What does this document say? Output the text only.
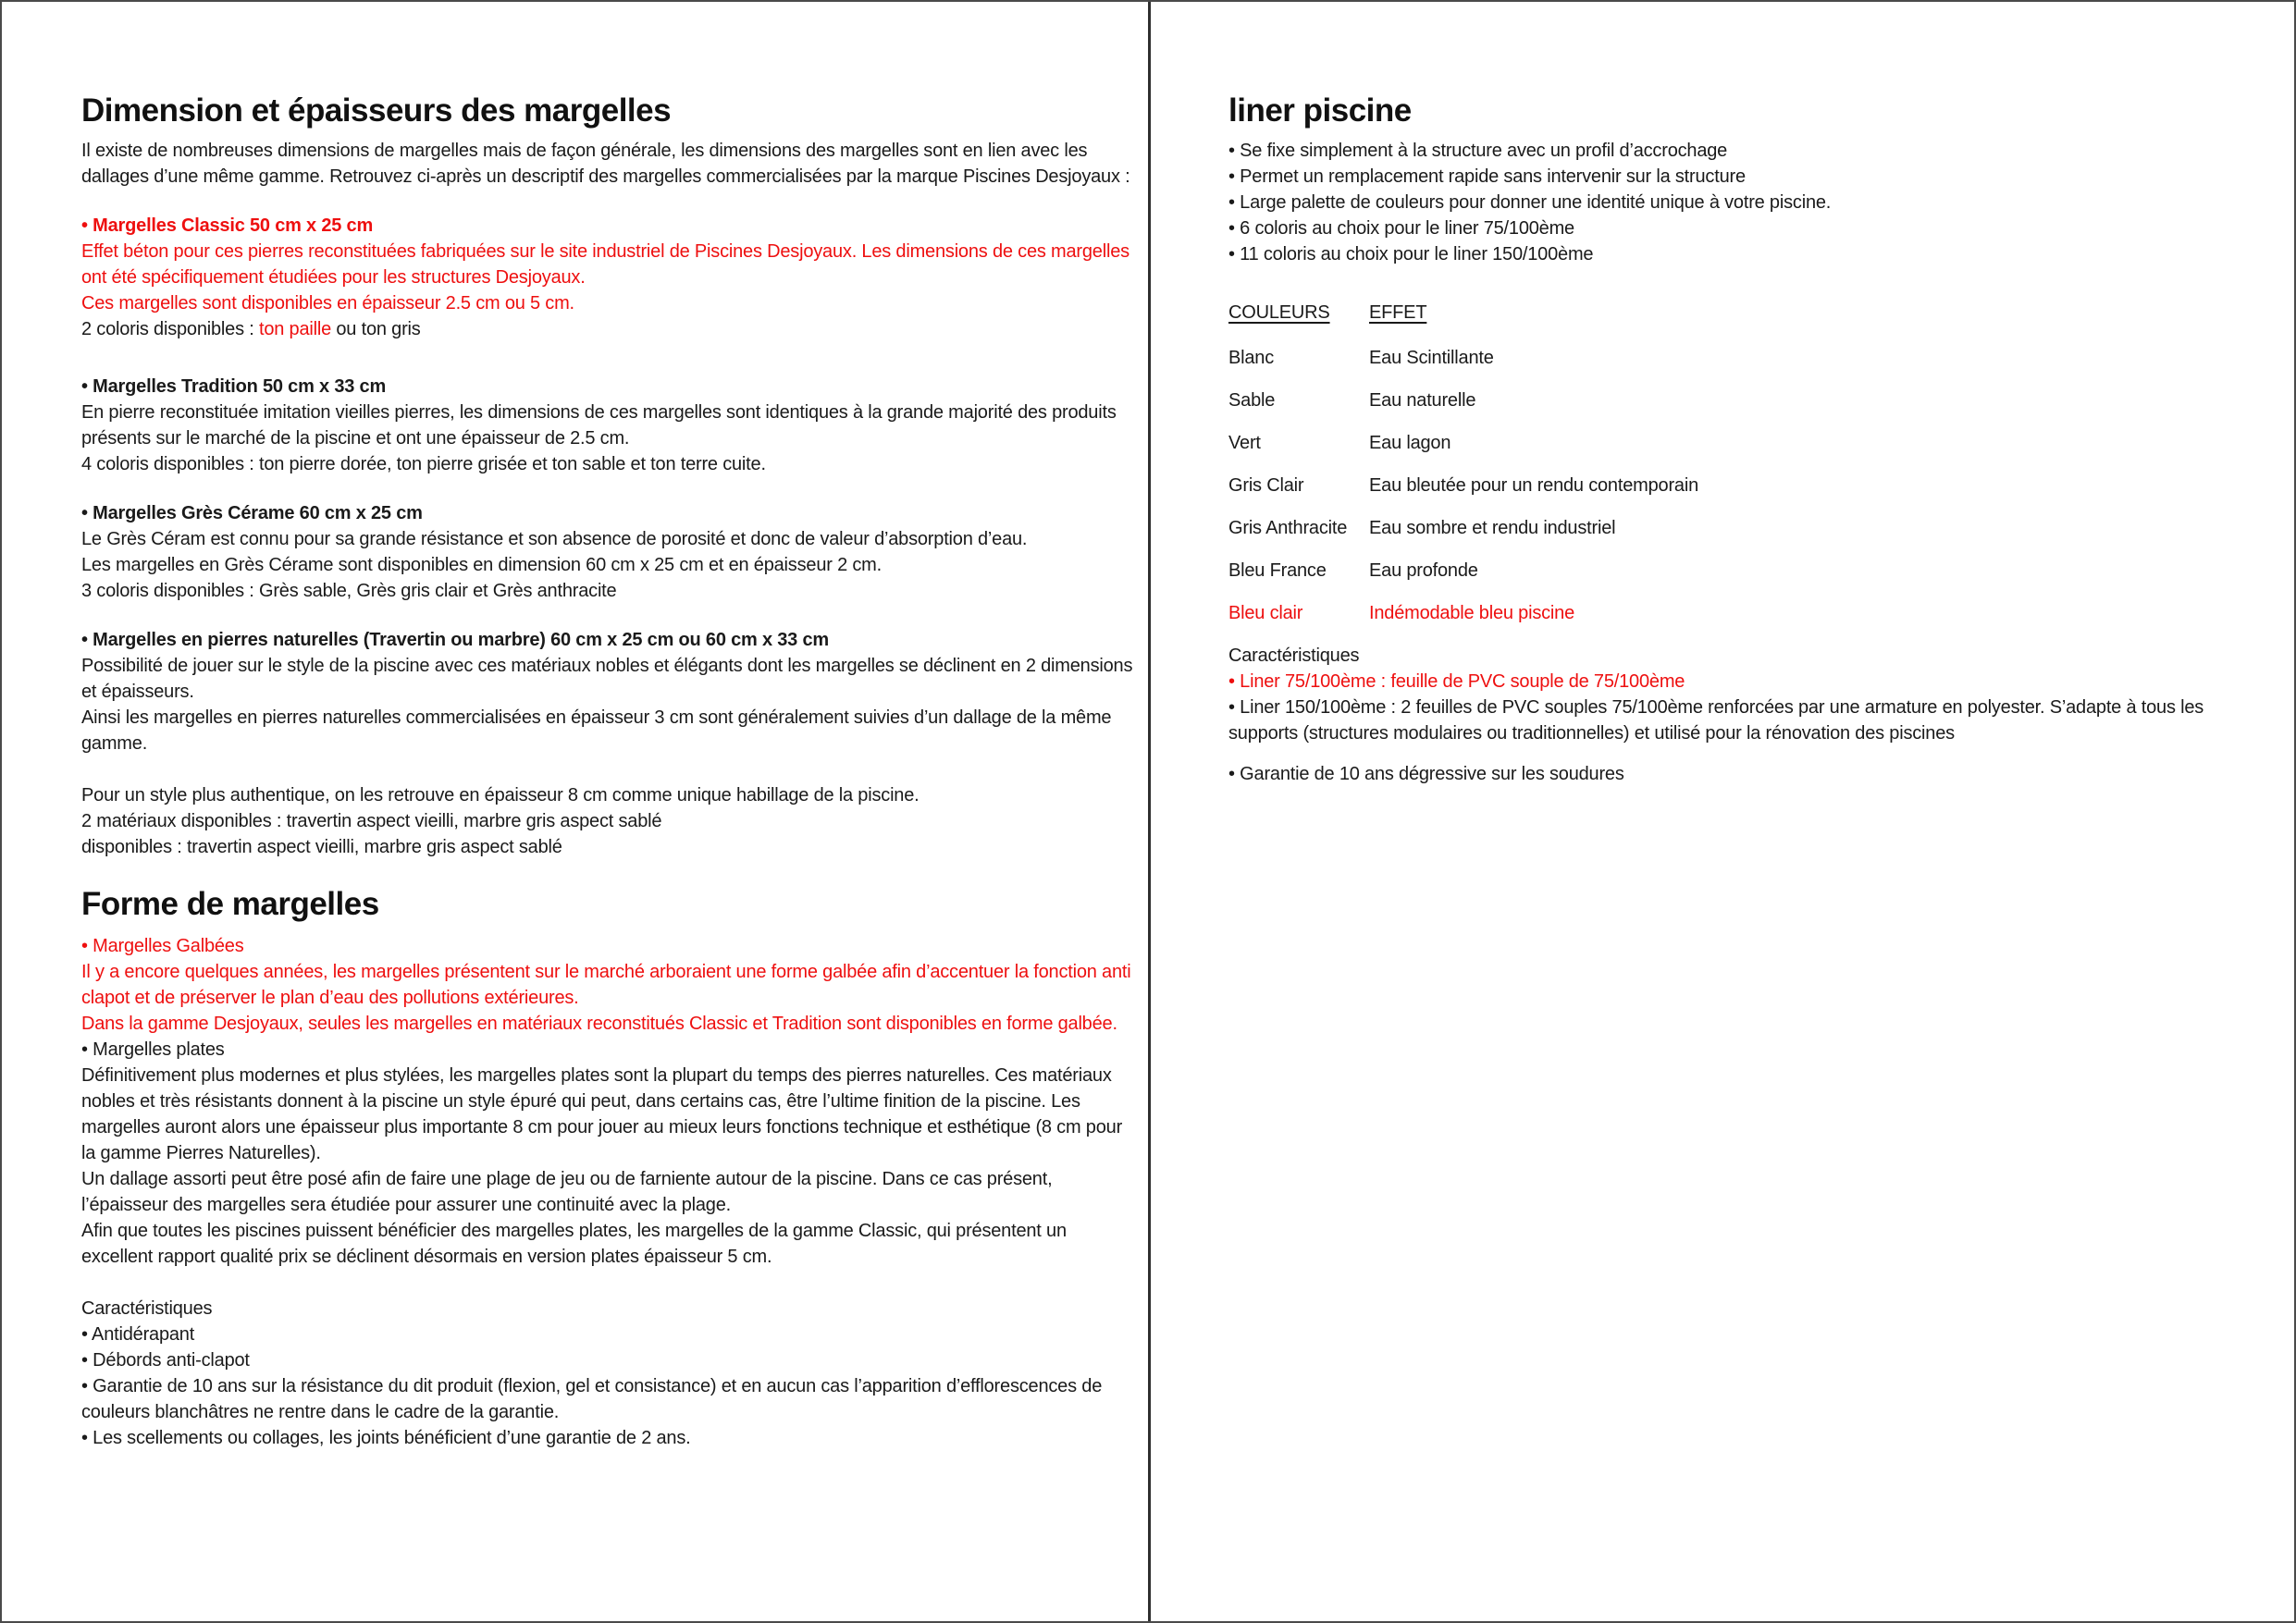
Dimension et épaisseurs des margelles

Il existe de nombreuses dimensions de margelles mais de façon générale, les dimensions des margelles sont en lien avec les dallages d’une même gamme. Retrouvez ci-après un descriptif des margelles commercialisées par la marque Piscines Desjoyaux :

• Margelles Classic 50 cm x 25 cm

Effet béton pour ces pierres reconstituées fabriquées sur le site industriel de Piscines Desjoyaux. Les dimensions de ces margelles ont été spécifiquement étudiées pour les structures Desjoyaux.

Ces margelles sont disponibles en épaisseur 2.5 cm ou 5 cm.

2 coloris disponibles : ton paille ou ton gris

• Margelles Tradition 50 cm x 33 cm

En pierre reconstituée imitation vieilles pierres, les dimensions de ces margelles sont identiques à la grande majorité des produits présents sur le marché de la piscine et ont une épaisseur de 2.5 cm.

4 coloris disponibles : ton pierre dorée, ton pierre grisée et ton sable et ton terre cuite.

• Margelles Grès Cérame 60 cm x 25 cm

Le Grès Céram est connu pour sa grande résistance et son absence de porosité et donc de valeur d’absorption d’eau.

Les margelles en Grès Cérame sont disponibles en dimension 60 cm x 25 cm et en épaisseur 2 cm.

3 coloris disponibles : Grès sable, Grès gris clair et Grès anthracite

• Margelles en pierres naturelles (Travertin ou marbre) 60 cm x 25 cm ou 60 cm x 33 cm

Possibilité de jouer sur le style de la piscine avec ces matériaux nobles et élégants dont les margelles se déclinent en 2 dimensions et épaisseurs.

Ainsi les margelles en pierres naturelles commercialisées en épaisseur 3 cm sont généralement suivies d’un dallage de la même gamme.

Pour un style plus authentique, on les retrouve en épaisseur 8 cm comme unique habillage de la piscine.

2 matériaux disponibles : travertin aspect vieilli, marbre gris aspect sablé

disponibles : travertin aspect vieilli, marbre gris aspect sablé

Forme de margelles

• Margelles Galbées

Il y a encore quelques années, les margelles présentent sur le marché arboraient une forme galbée afin d’accentuer la fonction anti clapot et de préserver le plan d’eau des pollutions extérieures.

Dans la gamme Desjoyaux, seules les margelles en matériaux reconstitués Classic et Tradition sont disponibles en forme galbée.

• Margelles plates

Définitivement plus modernes et plus stylées, les margelles plates sont la plupart du temps des pierres naturelles. Ces matériaux nobles et très résistants donnent à la piscine un style épuré qui peut, dans certains cas, être l’ultime finition de la piscine. Les margelles auront alors une épaisseur plus importante 8 cm pour jouer au mieux leurs fonctions technique et esthétique (8 cm pour la gamme Pierres Naturelles).

Un dallage assorti peut être posé afin de faire une plage de jeu ou de farniente autour de la piscine. Dans ce cas présent, l’épaisseur des margelles sera étudiée pour assurer une continuité avec la plage.

Afin que toutes les piscines puissent bénéficier des margelles plates, les margelles de la gamme Classic, qui présentent un excellent rapport qualité prix se déclinent désormais en version plates épaisseur 5 cm.

Caractéristiques

• Antidérapant

• Débords anti-clapot

• Garantie de 10 ans sur la résistance du dit produit (flexion, gel et consistance) et en aucun cas l’apparition d’efflorescences de couleurs blanchâtres ne rentre dans le cadre de la garantie.

• Les scellements ou collages, les joints bénéficient d’une garantie de 2 ans.

liner piscine

• Se fixe simplement à la structure avec un profil d’accrochage

• Permet un remplacement rapide sans intervenir sur la structure

• Large palette de couleurs pour donner une identité unique à votre piscine.

• 6 coloris au choix pour le liner 75/100ème

• 11 coloris au choix pour le liner 150/100ème

COULEURS	EFFET
Blanc	Eau Scintillante
Sable	Eau naturelle
Vert	Eau lagon
Gris Clair	Eau bleutée pour un rendu contemporain
Gris Anthracite	Eau sombre et rendu industriel
Bleu France	Eau profonde
Bleu clair	Indémodable bleu piscine

Caractéristiques

• Liner 75/100ème : feuille de PVC souple de 75/100ème

• Liner 150/100ème : 2 feuilles de PVC souples 75/100ème renforcées par une armature en polyester. S’adapte à tous les supports (structures modulaires ou traditionnelles) et utilisé pour la rénovation des piscines

• Garantie de 10 ans dégressive sur les soudures
